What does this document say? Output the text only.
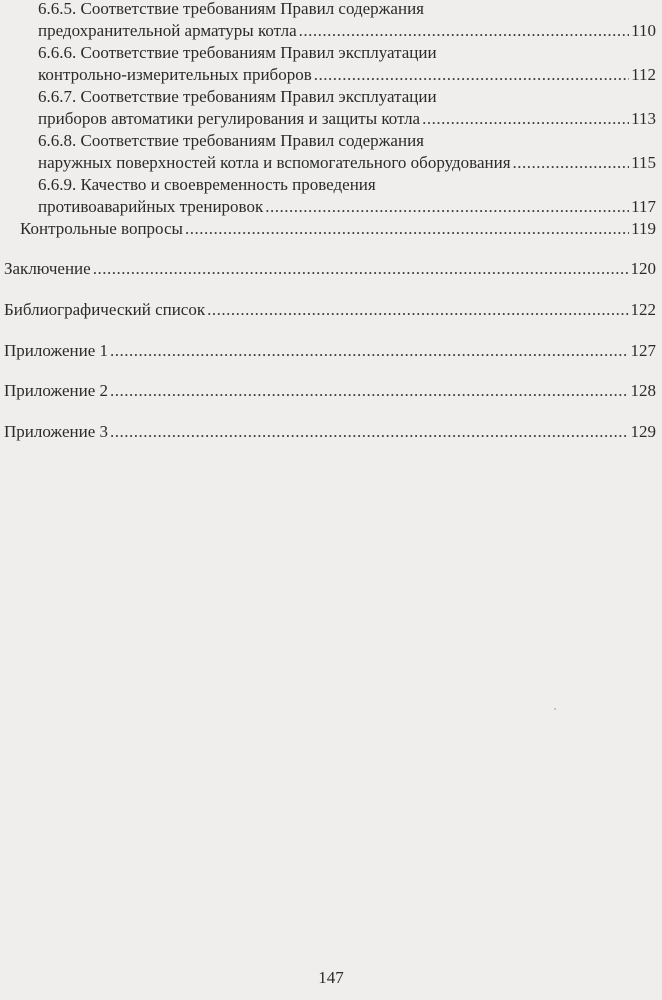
6.6.5. Соответствие требованиям Правил содержания
предохранительной арматуры котла .....	110
6.6.6. Соответствие требованиям Правил эксплуатации
контрольно-измерительных приборов .....	112
6.6.7. Соответствие требованиям Правил эксплуатации
приборов автоматики регулирования и защиты котла .....	113
6.6.8. Соответствие требованиям Правил содержания
наружных поверхностей котла и вспомогательного оборудования .....	115
6.6.9. Качество и своевременность проведения
противоаварийных тренировок .....	117
Контрольные вопросы .....	119
Заключение .....	120
Библиографический список .....	122
Приложение 1 .....	127
Приложение 2 .....	128
Приложение 3 .....	129
147
